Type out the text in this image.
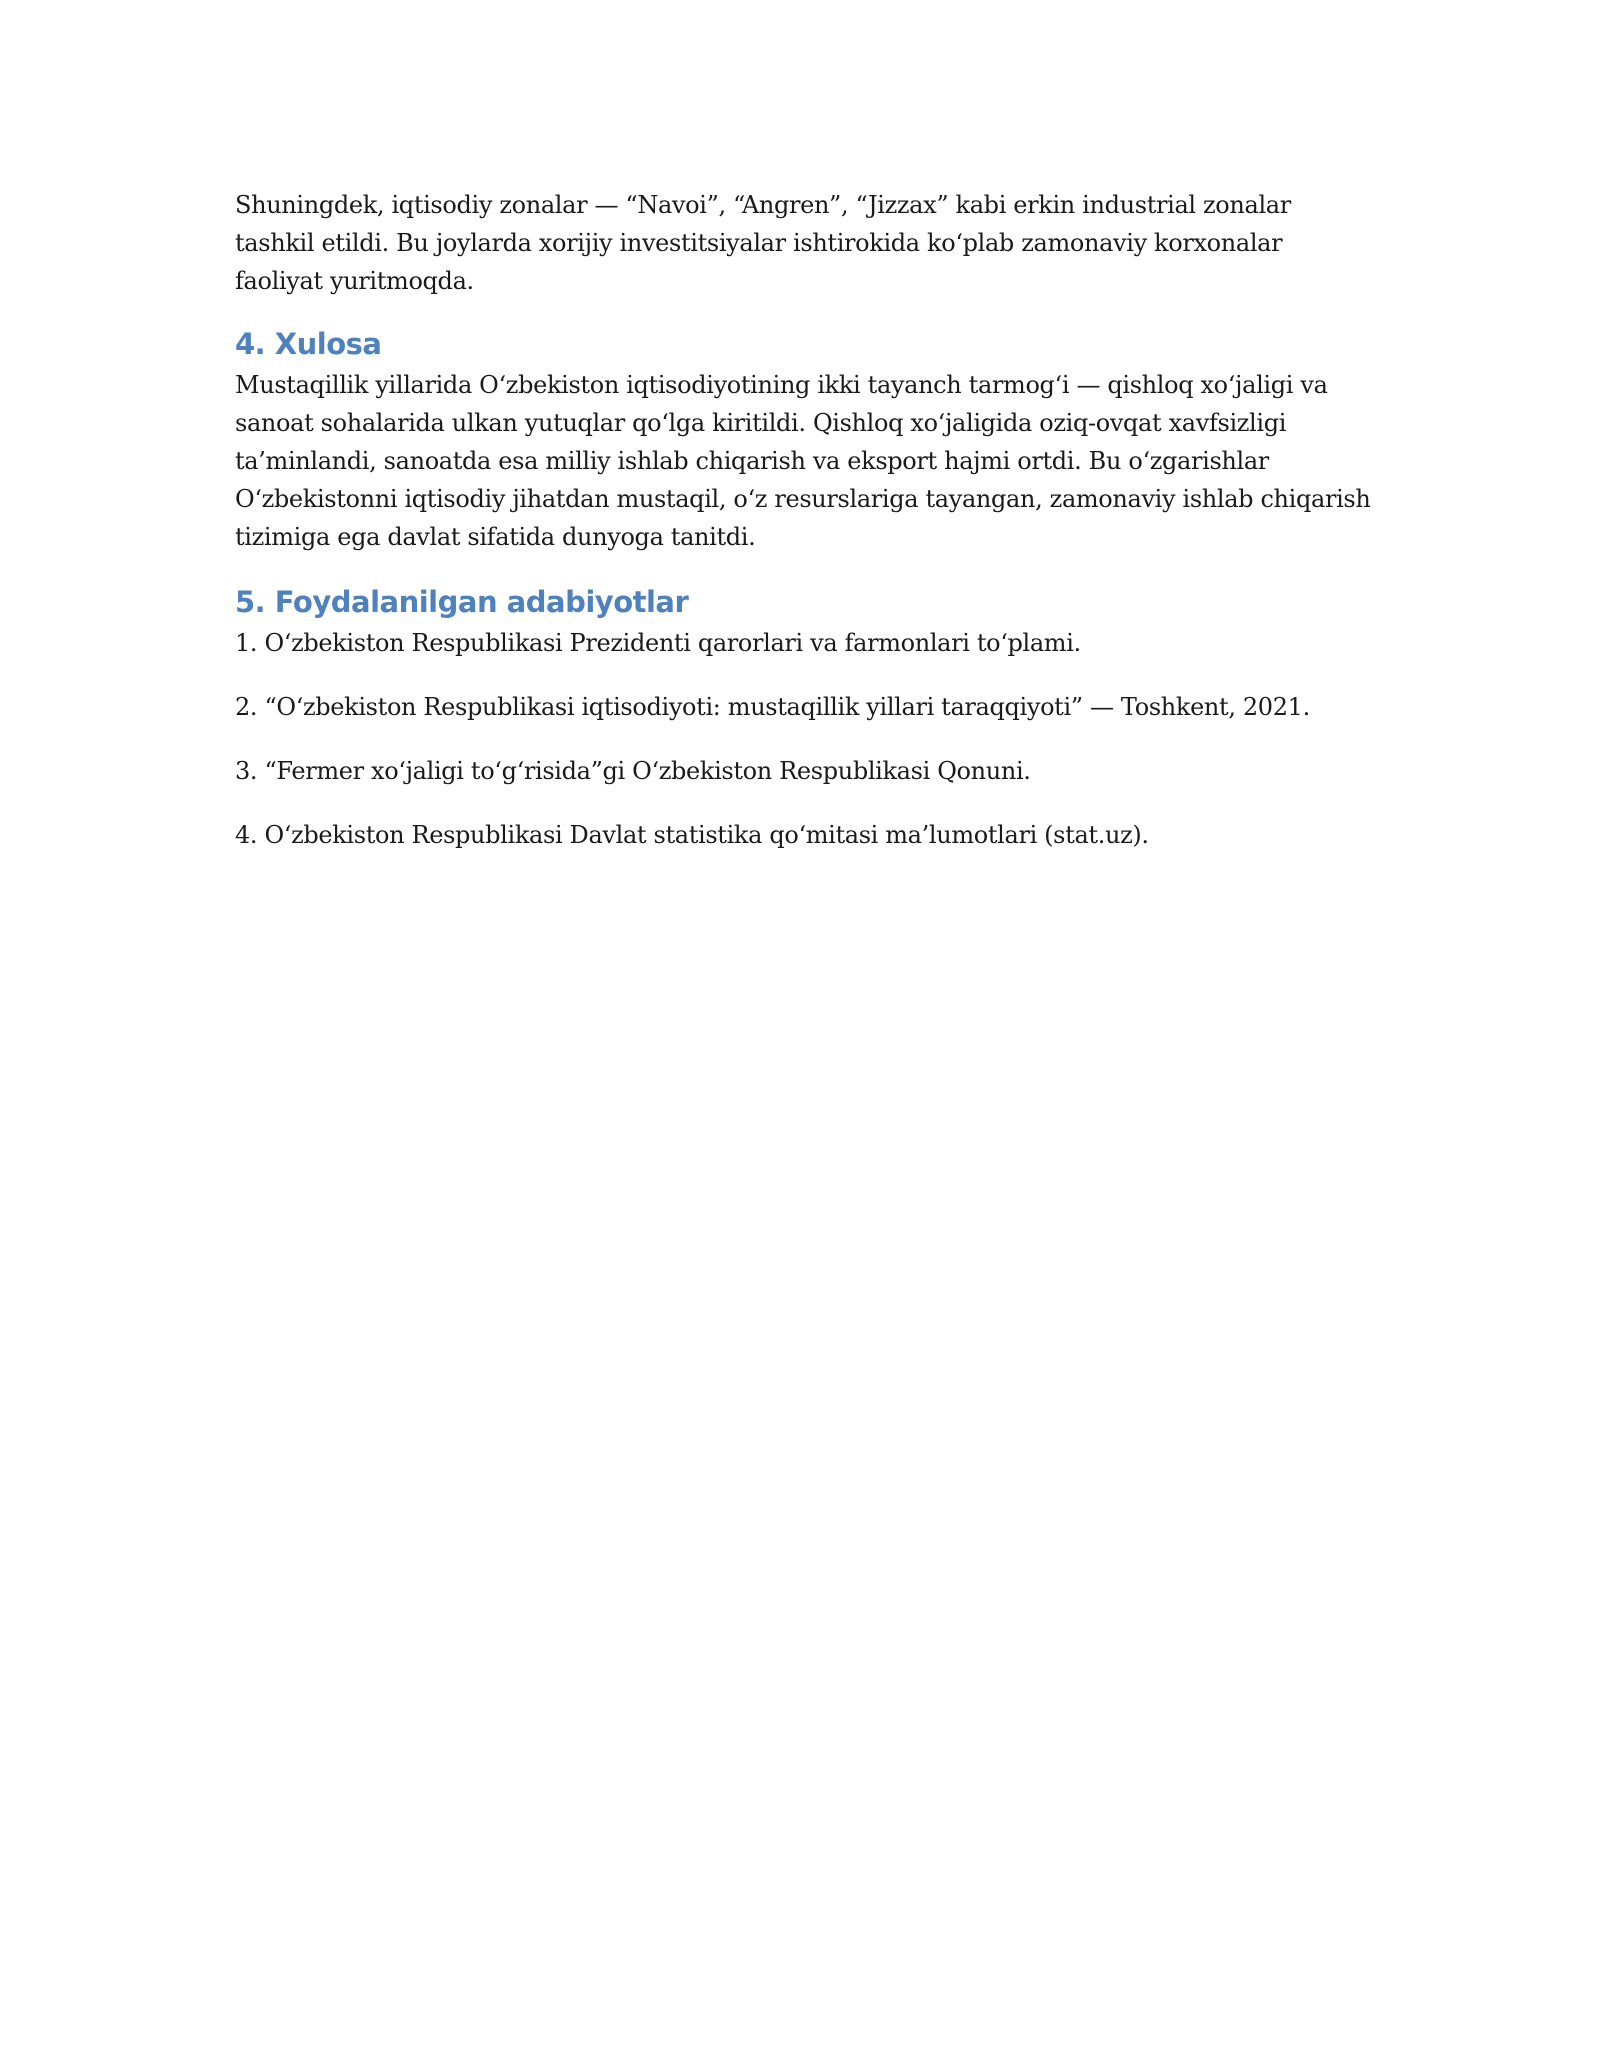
Shuningdek, iqtisodiy zonalar — “Navoi”, “Angren”, “Jizzax” kabi erkin industrial zonalar tashkil etildi. Bu joylarda xorijiy investitsiyalar ishtirokida ko‘plab zamonaviy korxonalar faoliyat yuritmoqda.

4. Xulosa

Mustaqillik yillarida O‘zbekiston iqtisodiyotining ikki tayanch tarmog‘i — qishloq xo‘jaligi va sanoat sohalarida ulkan yutuqlar qo‘lga kiritildi. Qishloq xo‘jaligida oziq-ovqat xavfsizligi ta’minlandi, sanoatda esa milliy ishlab chiqarish va eksport hajmi ortdi. Bu o‘zgarishlar O‘zbekistonni iqtisodiy jihatdan mustaqil, o‘z resurslariga tayangan, zamonaviy ishlab chiqarish tizimiga ega davlat sifatida dunyoga tanitdi.

5. Foydalanilgan adabiyotlar
1. O‘zbekiston Respublikasi Prezidenti qarorlari va farmonlari to‘plami.
2. “O‘zbekiston Respublikasi iqtisodiyoti: mustaqillik yillari taraqqiyoti” — Toshkent, 2021.
3. “Fermer xo‘jaligi to‘g‘risida”gi O‘zbekiston Respublikasi Qonuni.
4. O‘zbekiston Respublikasi Davlat statistika qo‘mitasi ma’lumotlari (stat.uz).
